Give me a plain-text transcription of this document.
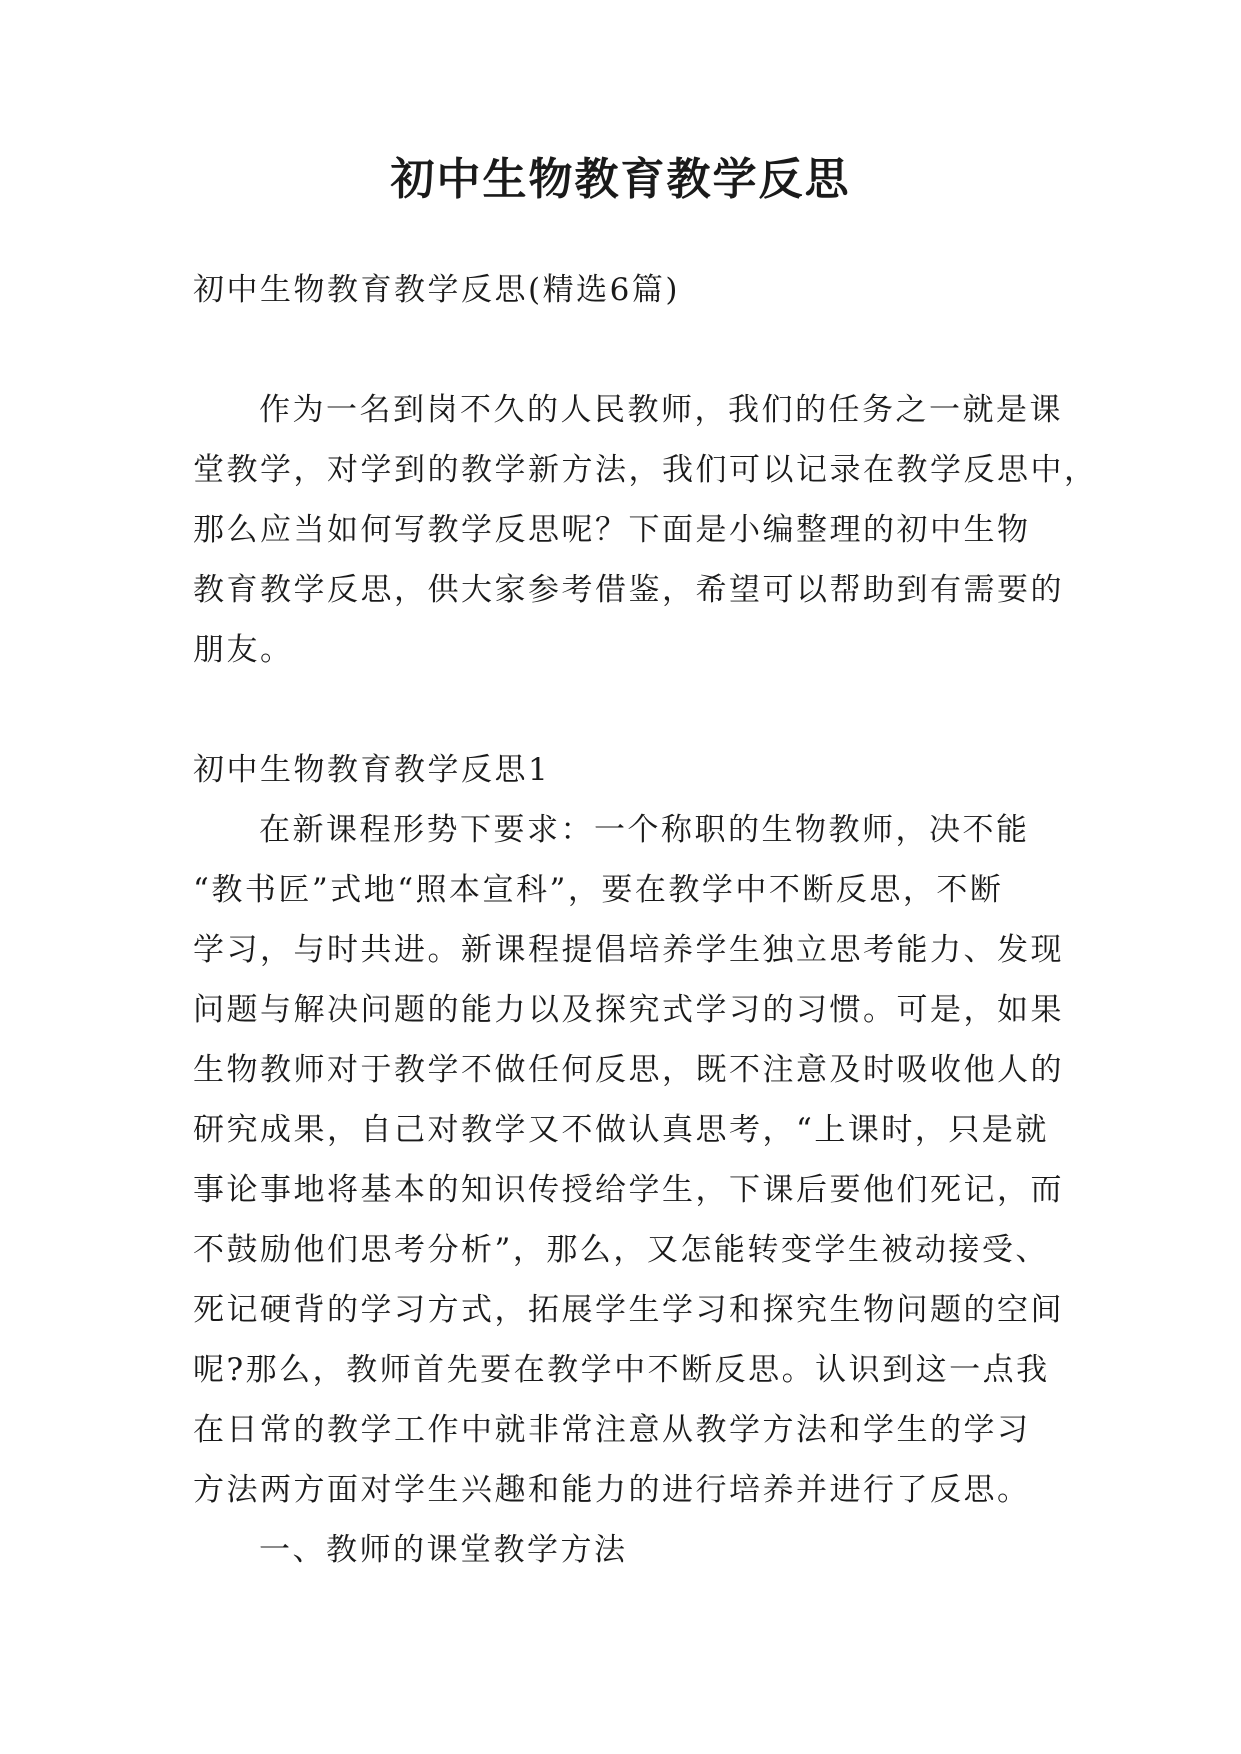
初中生物教育教学反思

初中生物教育教学反思(精选6篇)

作为一名到岗不久的人民教师，我们的任务之一就是课

堂教学，对学到的教学新方法，我们可以记录在教学反思中，

那么应当如何写教学反思呢？下面是小编整理的初中生物

教育教学反思，供大家参考借鉴，希望可以帮助到有需要的

朋友。

初中生物教育教学反思1

在新课程形势下要求：一个称职的生物教师，决不能

“教书匠”式地“照本宣科”，要在教学中不断反思，不断

学习，与时共进。新课程提倡培养学生独立思考能力、发现

问题与解决问题的能力以及探究式学习的习惯。可是，如果

生物教师对于教学不做任何反思，既不注意及时吸收他人的

研究成果，自己对教学又不做认真思考，“上课时，只是就

事论事地将基本的知识传授给学生，下课后要他们死记，而

不鼓励他们思考分析”，那么，又怎能转变学生被动接受、

死记硬背的学习方式，拓展学生学习和探究生物问题的空间

呢?那么，教师首先要在教学中不断反思。认识到这一点我

在日常的教学工作中就非常注意从教学方法和学生的学习

方法两方面对学生兴趣和能力的进行培养并进行了反思。

一、教师的课堂教学方法
